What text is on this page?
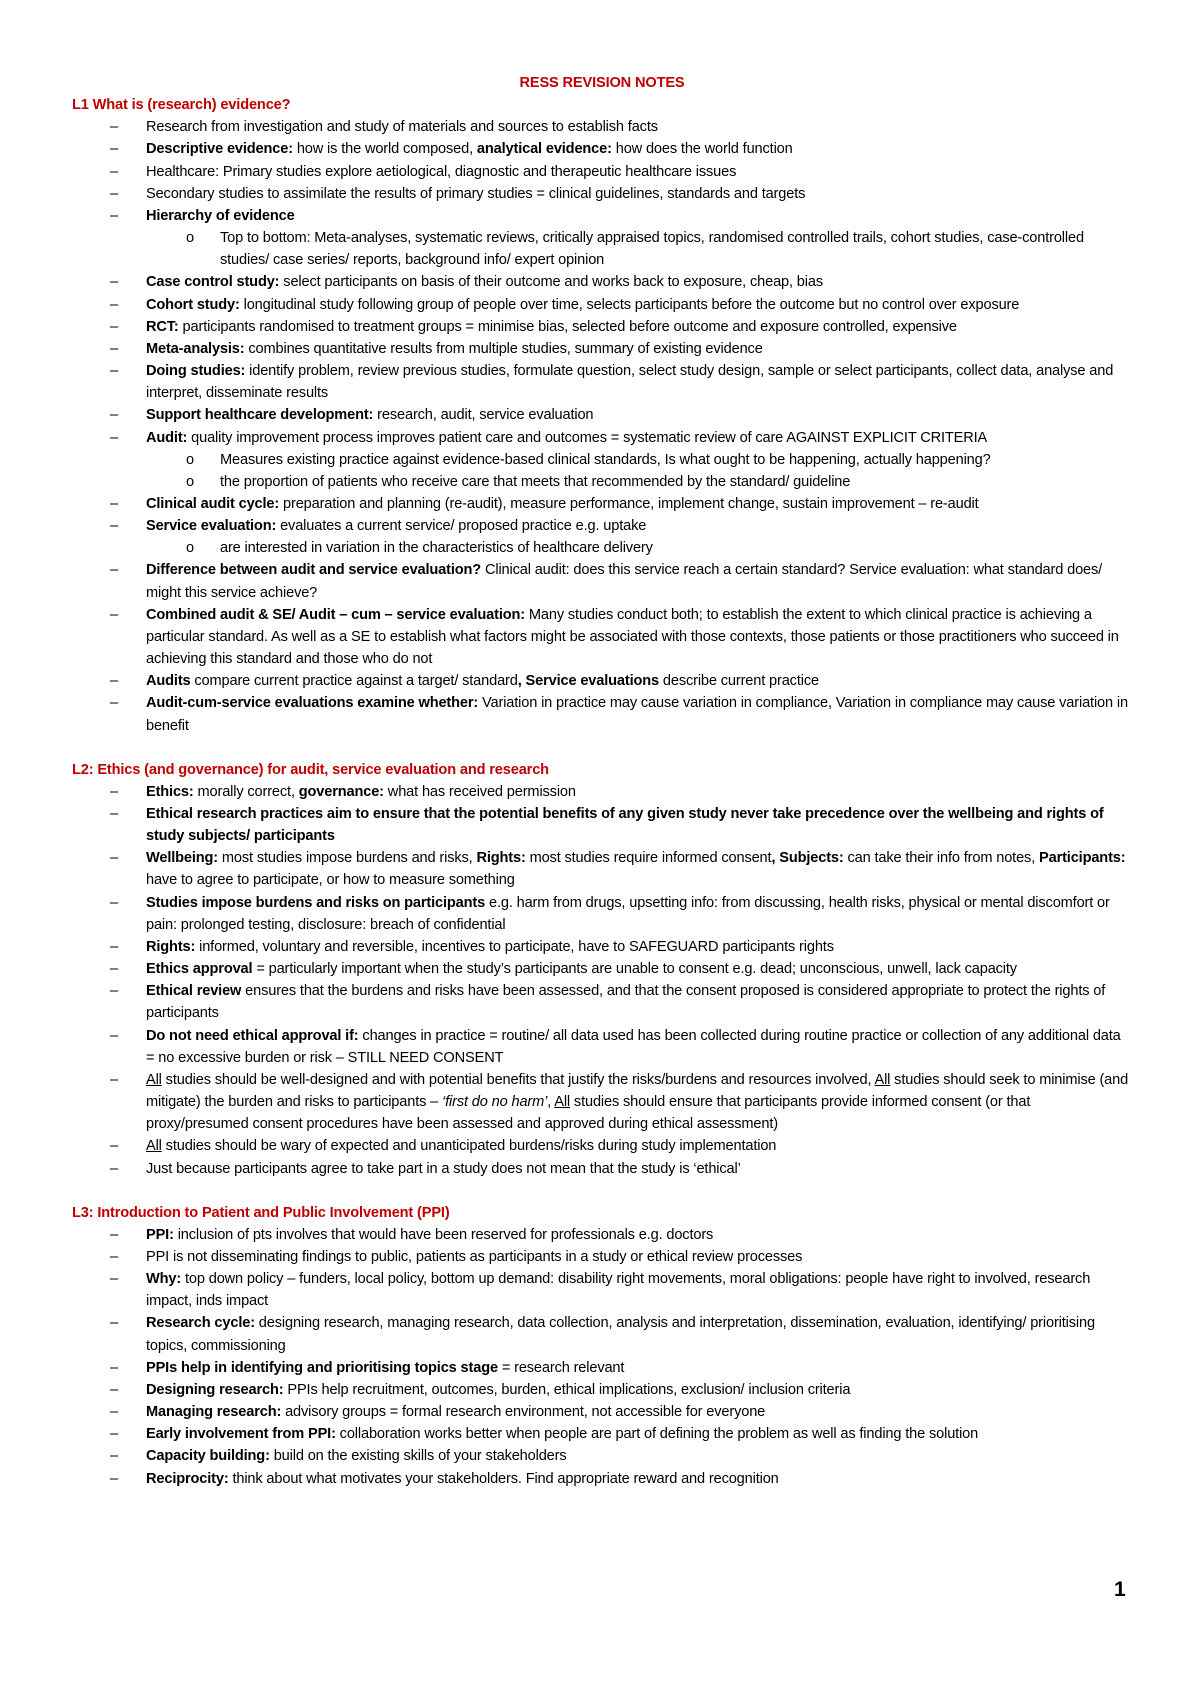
RESS REVISION NOTES
L1 What is (research) evidence?
– Research from investigation and study of materials and sources to establish facts
– Descriptive evidence: how is the world composed, analytical evidence: how does the world function
– Healthcare: Primary studies explore aetiological, diagnostic and therapeutic healthcare issues
– Secondary studies to assimilate the results of primary studies = clinical guidelines, standards and targets
– Hierarchy of evidence
o Top to bottom: Meta-analyses, systematic reviews, critically appraised topics, randomised controlled trails, cohort studies, case-controlled studies/ case series/ reports, background info/ expert opinion
– Case control study: select participants on basis of their outcome and works back to exposure, cheap, bias
– Cohort study: longitudinal study following group of people over time, selects participants before the outcome but no control over exposure
– RCT: participants randomised to treatment groups = minimise bias, selected before outcome and exposure controlled, expensive
– Meta-analysis: combines quantitative results from multiple studies, summary of existing evidence
– Doing studies: identify problem, review previous studies, formulate question, select study design, sample or select participants, collect data, analyse and interpret, disseminate results
– Support healthcare development: research, audit, service evaluation
– Audit: quality improvement process improves patient care and outcomes = systematic review of care AGAINST EXPLICIT CRITERIA
o Measures existing practice against evidence-based clinical standards, Is what ought to be happening, actually happening?
o the proportion of patients who receive care that meets that recommended by the standard/ guideline
– Clinical audit cycle: preparation and planning (re-audit), measure performance, implement change, sustain improvement – re-audit
– Service evaluation: evaluates a current service/ proposed practice e.g. uptake
o are interested in variation in the characteristics of healthcare delivery
– Difference between audit and service evaluation? Clinical audit: does this service reach a certain standard? Service evaluation: what standard does/ might this service achieve?
– Combined audit & SE/ Audit – cum – service evaluation: Many studies conduct both; to establish the extent to which clinical practice is achieving a particular standard. As well as a SE to establish what factors might be associated with those contexts, those patients or those practitioners who succeed in achieving this standard and those who do not
– Audits compare current practice against a target/ standard, Service evaluations describe current practice
– Audit-cum-service evaluations examine whether: Variation in practice may cause variation in compliance, Variation in compliance may cause variation in benefit
L2: Ethics (and governance) for audit, service evaluation and research
– Ethics: morally correct, governance: what has received permission
– Ethical research practices aim to ensure that the potential benefits of any given study never take precedence over the wellbeing and rights of study subjects/ participants
– Wellbeing: most studies impose burdens and risks, Rights: most studies require informed consent, Subjects: can take their info from notes, Participants: have to agree to participate, or how to measure something
– Studies impose burdens and risks on participants e.g. harm from drugs, upsetting info: from discussing, health risks, physical or mental discomfort or pain: prolonged testing, disclosure: breach of confidential
– Rights: informed, voluntary and reversible, incentives to participate, have to SAFEGUARD participants rights
– Ethics approval = particularly important when the study’s participants are unable to consent e.g. dead; unconscious, unwell, lack capacity
– Ethical review ensures that the burdens and risks have been assessed, and that the consent proposed is considered appropriate to protect the rights of participants
– Do not need ethical approval if: changes in practice = routine/ all data used has been collected during routine practice or collection of any additional data = no excessive burden or risk – STILL NEED CONSENT
– All studies should be well-designed and with potential benefits that justify the risks/burdens and resources involved, All studies should seek to minimise (and mitigate) the burden and risks to participants – ‘first do no harm’, All studies should ensure that participants provide informed consent (or that proxy/presumed consent procedures have been assessed and approved during ethical assessment)
– All studies should be wary of expected and unanticipated burdens/risks during study implementation
– Just because participants agree to take part in a study does not mean that the study is ‘ethical’
L3: Introduction to Patient and Public Involvement (PPI)
– PPI: inclusion of pts involves that would have been reserved for professionals e.g. doctors
– PPI is not disseminating findings to public, patients as participants in a study or ethical review processes
– Why: top down policy – funders, local policy, bottom up demand: disability right movements, moral obligations: people have right to involved, research impact, inds impact
– Research cycle: designing research, managing research, data collection, analysis and interpretation, dissemination, evaluation, identifying/ prioritising topics, commissioning
– PPIs help in identifying and prioritising topics stage = research relevant
– Designing research: PPIs help recruitment, outcomes, burden, ethical implications, exclusion/ inclusion criteria
– Managing research: advisory groups = formal research environment, not accessible for everyone
– Early involvement from PPI: collaboration works better when people are part of defining the problem as well as finding the solution
– Capacity building: build on the existing skills of your stakeholders
– Reciprocity: think about what motivates your stakeholders. Find appropriate reward and recognition
1
